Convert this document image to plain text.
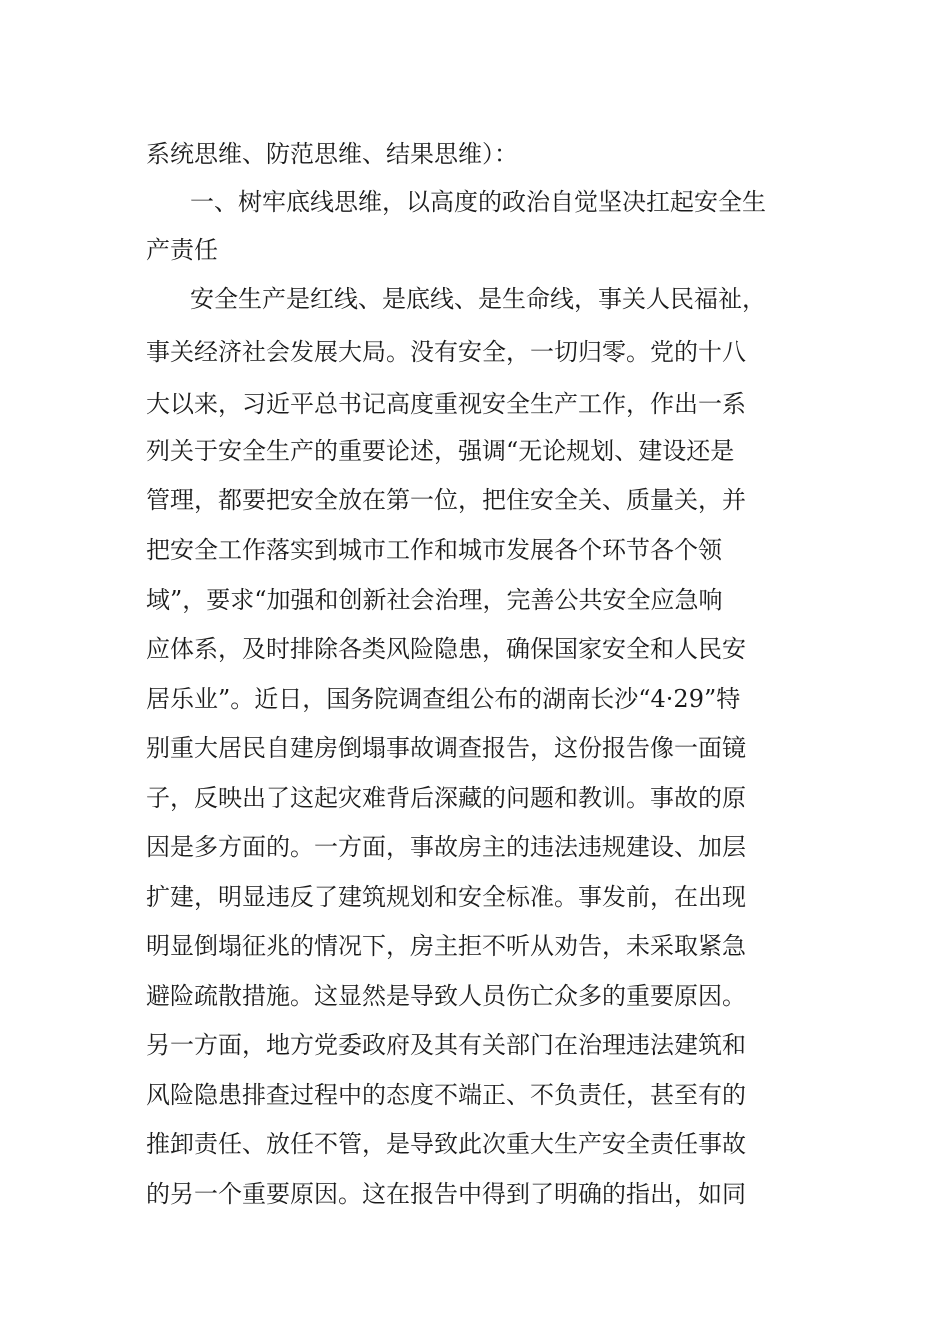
系统思维、防范思维、结果思维）：
一、树牢底线思维，以高度的政治自觉坚决扛起安全生
产责任
安全生产是红线、是底线、是生命线，事关人民福祉，
事关经济社会发展大局。没有安全，一切归零。党的十八
大以来，习近平总书记高度重视安全生产工作，作出一系
列关于安全生产的重要论述，强调“无论规划、建设还是
管理，都要把安全放在第一位，把住安全关、质量关，并
把安全工作落实到城市工作和城市发展各个环节各个领
域”，要求“加强和创新社会治理，完善公共安全应急响
应体系，及时排除各类风险隐患，确保国家安全和人民安
居乐业”。近日，国务院调查组公布的湖南长沙“4·29”特
别重大居民自建房倒塌事故调查报告，这份报告像一面镜
子，反映出了这起灾难背后深藏的问题和教训。事故的原
因是多方面的。一方面，事故房主的违法违规建设、加层
扩建，明显违反了建筑规划和安全标准。事发前，在出现
明显倒塌征兆的情况下，房主拒不听从劝告，未采取紧急
避险疏散措施。这显然是导致人员伤亡众多的重要原因。
另一方面，地方党委政府及其有关部门在治理违法建筑和
风险隐患排查过程中的态度不端正、不负责任，甚至有的
推卸责任、放任不管，是导致此次重大生产安全责任事故
的另一个重要原因。这在报告中得到了明确的指出，如同
